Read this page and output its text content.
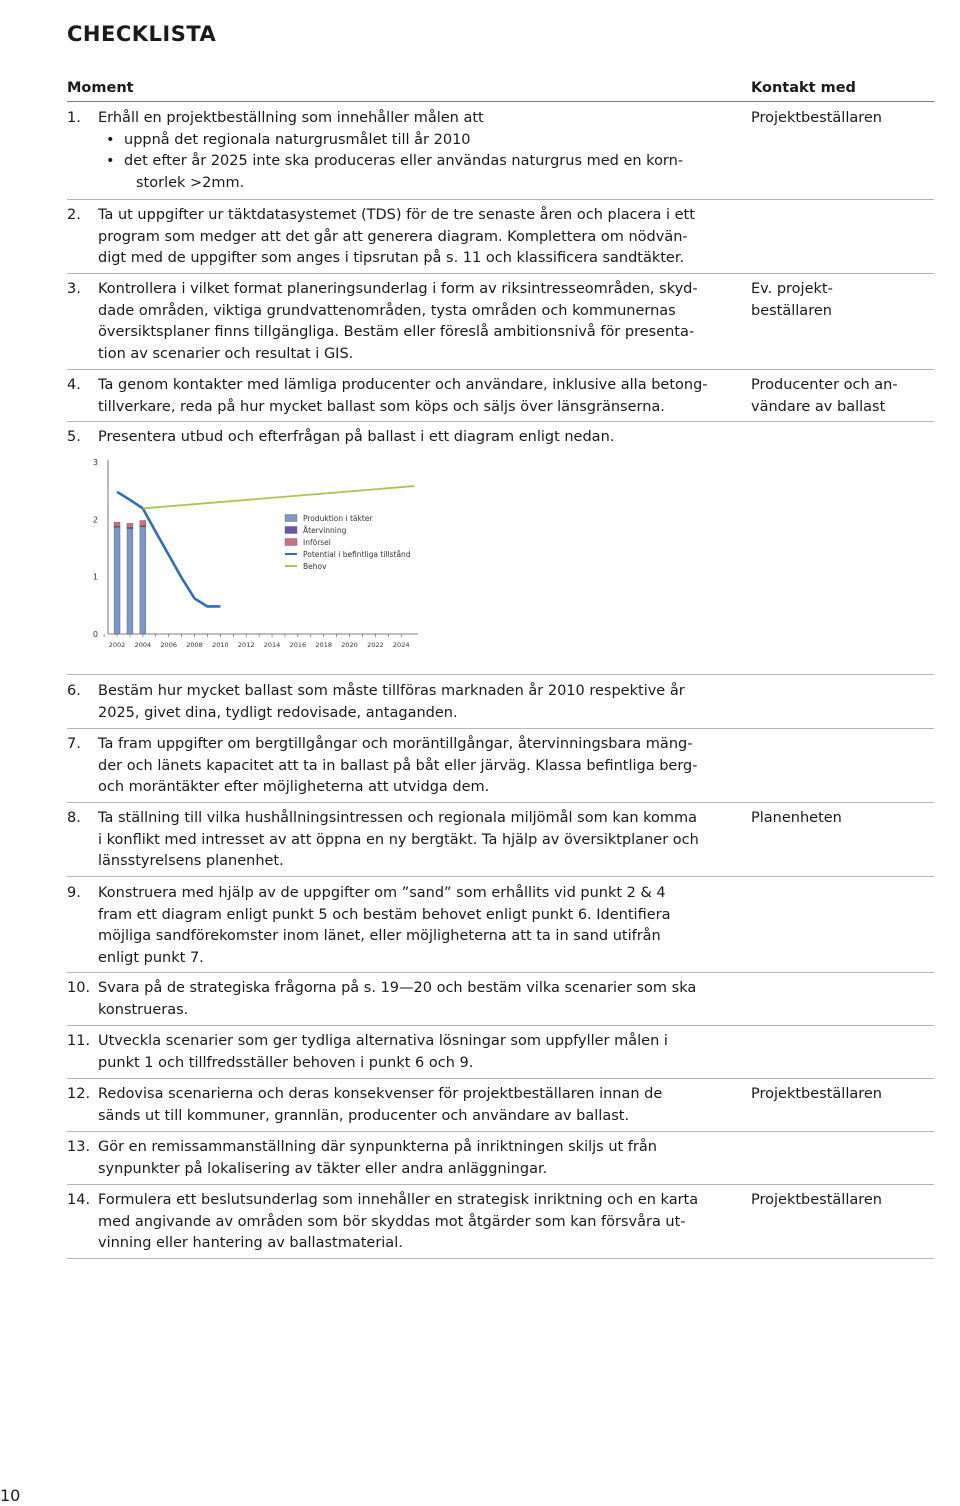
CHECKLISTA
Moment	Kontakt med
1. Erhåll en projektbeställning som innehåller målen att
• uppnå det regionala naturgrusmålet till år 2010
• det efter år 2025 inte ska produceras eller användas naturgrus med en korn-
storlek >2mm.
Projektbeställaren
2. Ta ut uppgifter ur täktdatasystemet (TDS) för de tre senaste åren och placera i ett
program som medger att det går att generera diagram. Komplettera om nödvän-
digt med de uppgifter som anges i tipsrutan på s. 11 och klassificera sandtäkter.
3. Kontrollera i vilket format planeringsunderlag i form av riksintresseområden, skyd-
dade områden, viktiga grundvattenområden, tysta områden och kommunernas
översiktsplaner finns tillgängliga. Bestäm eller föreslå ambitionsnivå för presenta-
tion av scenarier och resultat i GIS.
Ev. projekt-
beställaren
4. Ta genom kontakter med lämliga producenter och användare, inklusive alla betong-
tillverkare, reda på hur mycket ballast som köps och säljs över länsgränserna.
Producenter och an-
vändare av ballast
5. Presentera utbud och efterfrågan på ballast i ett diagram enligt nedan.
0
1
2
3
2002 2004 2006 2008 2010 2012 2014 2016 2018 2020 2022 2024
Produktion i täkter
Återvinning
Införsel
Potential i befintliga tillstånd
Behov
6. Bestäm hur mycket ballast som måste tillföras marknaden år 2010 respektive år
2025, givet dina, tydligt redovisade, antaganden.
7. Ta fram uppgifter om bergtillgångar och moräntillgångar, återvinningsbara mäng-
der och länets kapacitet att ta in ballast på båt eller järväg. Klassa befintliga berg-
och moräntäkter efter möjligheterna att utvidga dem.
8. Ta ställning till vilka hushållningsintressen och regionala miljömål som kan komma
i konflikt med intresset av att öppna en ny bergtäkt. Ta hjälp av översiktplaner och
länsstyrelsens planenhet.
Planenheten
9. Konstruera med hjälp av de uppgifter om ”sand” som erhållits vid punkt 2 & 4
fram ett diagram enligt punkt 5 och bestäm behovet enligt punkt 6. Identifiera
möjliga sandförekomster inom länet, eller möjligheterna att ta in sand utifrån
enligt punkt 7.
10. Svara på de strategiska frågorna på s. 19—20 och bestäm vilka scenarier som ska
konstrueras.
11. Utveckla scenarier som ger tydliga alternativa lösningar som uppfyller målen i
punkt 1 och tillfredsställer behoven i punkt 6 och 9.
12. Redovisa scenarierna och deras konsekvenser för projektbeställaren innan de
sänds ut till kommuner, grannlän, producenter och användare av ballast.
Projektbeställaren
13. Gör en remissammanställning där synpunkterna på inriktningen skiljs ut från
synpunkter på lokalisering av täkter eller andra anläggningar.
14. Formulera ett beslutsunderlag som innehåller en strategisk inriktning och en karta
med angivande av områden som bör skyddas mot åtgärder som kan försvåra ut-
vinning eller hantering av ballastmaterial.
Projektbeställaren
10
